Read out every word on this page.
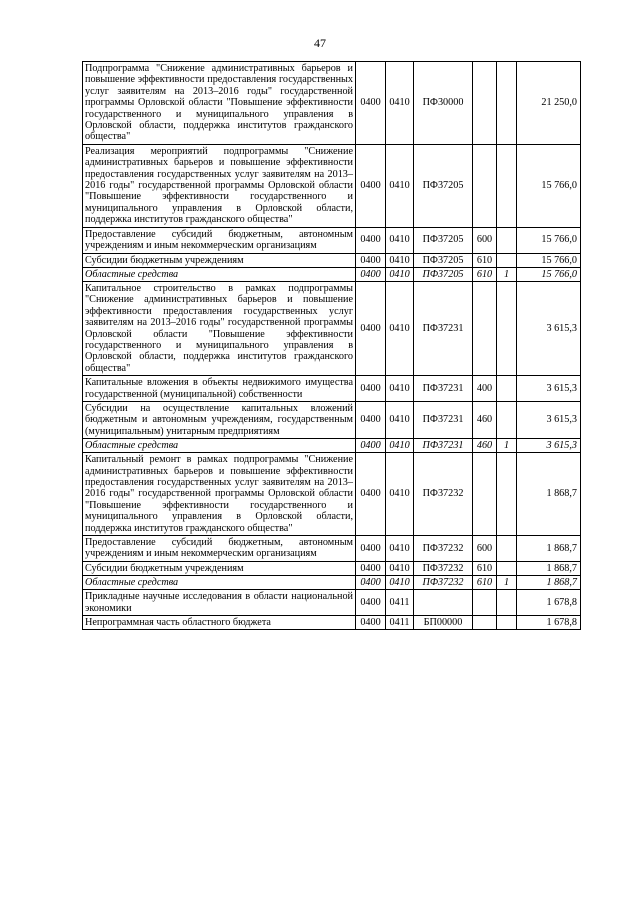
47
Подпрограмма "Снижение административных барьеров и повышение эффективности предоставления государственных услуг заявителям на 2013–2016 годы" государственной программы Орловской области "Повышение эффективности государственного и муниципального управления в Орловской области, поддержка институтов гражданского общества"	0400	0410	ПФ30000			21 250,0
Реализация мероприятий подпрограммы "Снижение административных барьеров и повышение эффективности предоставления государственных услуг заявителям на 2013–2016 годы" государственной программы Орловской области "Повышение эффективности государственного и муниципального управления в Орловской области, поддержка институтов гражданского общества"	0400	0410	ПФ37205			15 766,0
Предоставление субсидий бюджетным, автономным учреждениям и иным некоммерческим организациям	0400	0410	ПФ37205	600		15 766,0
Субсидии бюджетным учреждениям	0400	0410	ПФ37205	610		15 766,0
Областные средства	0400	0410	ПФ37205	610	1	15 766,0
Капитальное строительство в рамках подпрограммы "Снижение административных барьеров и повышение эффективности предоставления государственных услуг заявителям на 2013–2016 годы" государственной программы Орловской области "Повышение эффективности государственного и муниципального управления в Орловской области, поддержка институтов гражданского общества"	0400	0410	ПФ37231			3 615,3
Капитальные вложения в объекты недвижимого имущества государственной (муниципальной) собственности	0400	0410	ПФ37231	400		3 615,3
Субсидии на осуществление капитальных вложений бюджетным и автономным учреждениям, государственным (муниципальным) унитарным предприятиям	0400	0410	ПФ37231	460		3 615,3
Областные средства	0400	0410	ПФ37231	460	1	3 615,3
Капитальный ремонт в рамках подпрограммы "Снижение административных барьеров и повышение эффективности предоставления государственных услуг заявителям на 2013–2016 годы" государственной программы Орловской области "Повышение эффективности государственного и муниципального управления в Орловской области, поддержка институтов гражданского общества"	0400	0410	ПФ37232			1 868,7
Предоставление субсидий бюджетным, автономным учреждениям и иным некоммерческим организациям	0400	0410	ПФ37232	600		1 868,7
Субсидии бюджетным учреждениям	0400	0410	ПФ37232	610		1 868,7
Областные средства	0400	0410	ПФ37232	610	1	1 868,7
Прикладные научные исследования в области национальной экономики	0400	0411				1 678,8
Непрограммная часть областного бюджета	0400	0411	БП00000			1 678,8
